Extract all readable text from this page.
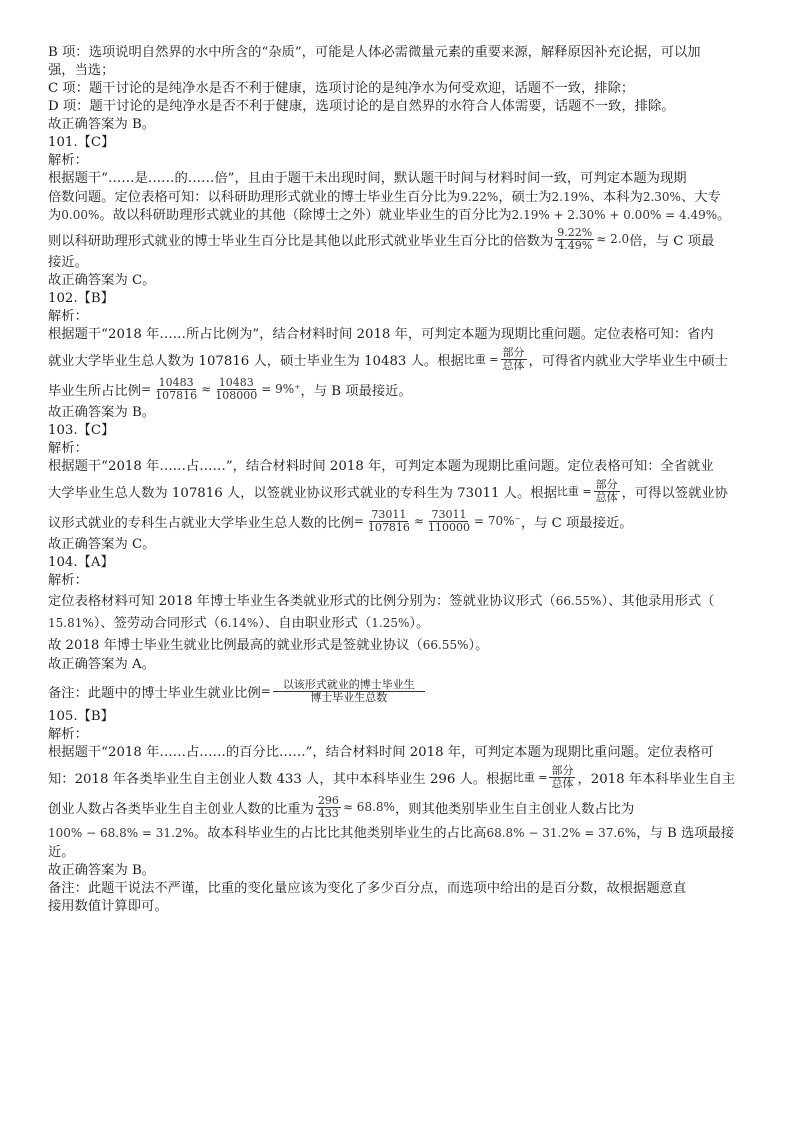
B 项：选项说明自然界的水中所含的“杂质”，可能是人体必需微量元素的重要来源，解释原因补充论据，可以加
强，当选；
C 项：题干讨论的是纯净水是否不利于健康，选项讨论的是纯净水为何受欢迎，话题不一致，排除；
D 项：题干讨论的是纯净水是否不利于健康，选项讨论的是自然界的水符合人体需要，话题不一致，排除。
故正确答案为 B。
101.【C】
解析：
根据题干“……是……的……倍”，且由于题干未出现时间，默认题干时间与材料时间一致，可判定本题为现期
倍数问题。定位表格可知：以科研助理形式就业的博士毕业生百分比为9.22%，硕士为2.19%、本科为2.30%、大专
为0.00%。故以科研助理形式就业的其他（除博士之外）就业毕业生的百分比为2.19% + 2.30% + 0.00% = 4.49%。
则以科研助理形式就业的博士毕业生百分比是其他以此形式就业毕业生百分比的倍数为 $\frac{9.22\%}{4.49\%} \approx 2.0$ 倍，与 C 项最
接近。
故正确答案为 C。
102.【B】
解析：
根据题干“2018 年……所占比例为”，结合材料时间 2018 年，可判定本题为现期比重问题。定位表格可知：省内
就业大学毕业生总人数为 107816 人，硕士毕业生为 10483 人。根据 比重 = $\frac{\text{部分}}{\text{总体}}$ ，可得省内就业大学毕业生中硕士
毕业生所占比例 = $\frac{10483}{107816} \approx \frac{10483}{108000} = 9\%^+$ ，与 B 项最接近。
故正确答案为 B。
103.【C】
解析：
根据题干“2018 年……占……”，结合材料时间 2018 年，可判定本题为现期比重问题。定位表格可知：全省就业
大学毕业生总人数为 107816 人，以签就业协议形式就业的专科生为 73011 人。根据 比重 = $\frac{\text{部分}}{\text{总体}}$ ，可得以签就业协
议形式就业的专科生占就业大学毕业生总人数的比例 = $\frac{73011}{107816} \approx \frac{73011}{110000} = 70\%^-$ ，与 C 项最接近。
故正确答案为 C。
104.【A】
解析：
定位表格材料可知 2018 年博士毕业生各类就业形式的比例分别为：签就业协议形式（66.55%）、其他录用形式（
15.81%）、签劳动合同形式（6.14%）、自由职业形式（1.25%）。
故 2018 年博士毕业生就业比例最高的就业形式是签就业协议（66.55%）。
故正确答案为 A。
备注：此题中的博士毕业生就业比例 = $\frac{\text{以该形式就业的博士毕业生}}{\text{博士毕业生总数}}$
105.【B】
解析：
根据题干“2018 年……占……的百分比……”，结合材料时间 2018 年，可判定本题为现期比重问题。定位表格可
知：2018 年各类毕业生自主创业人数 433 人，其中本科毕业生 296 人。根据 比重 = $\frac{\text{部分}}{\text{总体}}$ ，2018 年本科毕业生自主
创业人数占各类毕业生自主创业人数的比重为 $\frac{296}{433} \approx 68.8\%$ ，则其他类别毕业生自主创业人数占比为
100% − 68.8% = 31.2%。故本科毕业生的占比比其他类别毕业生的占比高68.8% − 31.2% = 37.6%，与 B 选项最接
近。
故正确答案为 B。
备注：此题干说法不严谨，比重的变化量应该为变化了多少百分点，而选项中给出的是百分数，故根据题意直
接用数值计算即可。
